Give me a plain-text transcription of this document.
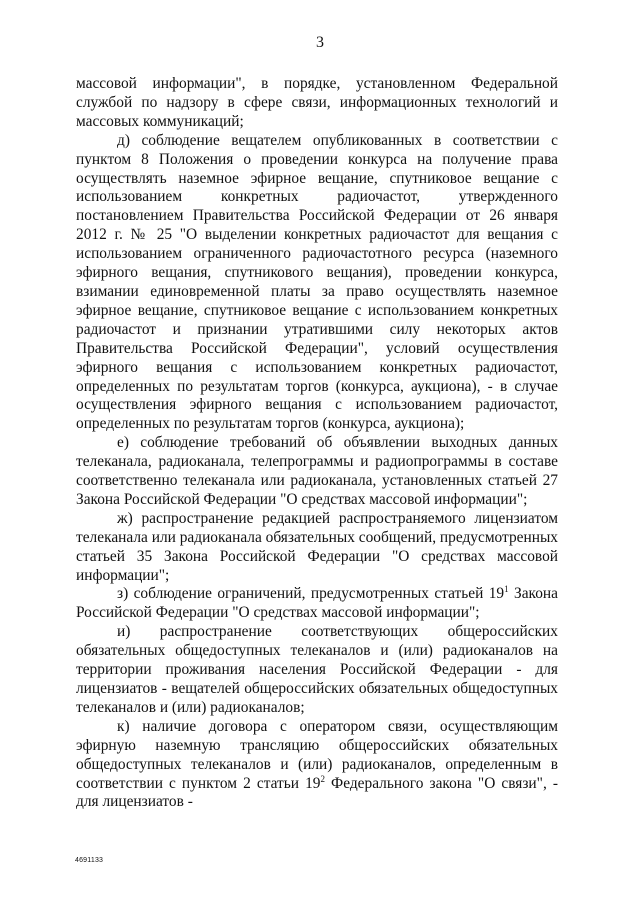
3

массовой информации", в порядке, установленном Федеральной службой по надзору в сфере связи, информационных технологий и массовых коммуникаций;

д) соблюдение вещателем опубликованных в соответствии с пунктом 8 Положения о проведении конкурса на получение права осуществлять наземное эфирное вещание, спутниковое вещание с использованием конкретных радиочастот, утвержденного постановлением Правительства Российской Федерации от 26 января 2012 г. № 25 "О выделении конкретных радиочастот для вещания с использованием ограниченного радиочастотного ресурса (наземного эфирного вещания, спутникового вещания), проведении конкурса, взимании единовременной платы за право осуществлять наземное эфирное вещание, спутниковое вещание с использованием конкретных радиочастот и признании утратившими силу некоторых актов Правительства Российской Федерации", условий осуществления эфирного вещания с использованием конкретных радиочастот, определенных по результатам торгов (конкурса, аукциона), - в случае осуществления эфирного вещания с использованием радиочастот, определенных по результатам торгов (конкурса, аукциона);

е) соблюдение требований об объявлении выходных данных телеканала, радиоканала, телепрограммы и радиопрограммы в составе соответственно телеканала или радиоканала, установленных статьей 27 Закона Российской Федерации "О средствах массовой информации";

ж) распространение редакцией распространяемого лицензиатом телеканала или радиоканала обязательных сообщений, предусмотренных статьей 35 Закона Российской Федерации "О средствах массовой информации";

з) соблюдение ограничений, предусмотренных статьей $19^1$ Закона Российской Федерации "О средствах массовой информации";

и) распространение соответствующих общероссийских обязательных общедоступных телеканалов и (или) радиоканалов на территории проживания населения Российской Федерации - для лицензиатов - вещателей общероссийских обязательных общедоступных телеканалов и (или) радиоканалов;

к) наличие договора с оператором связи, осуществляющим эфирную наземную трансляцию общероссийских обязательных общедоступных телеканалов и (или) радиоканалов, определенным в соответствии с пунктом 2 статьи $19^2$ Федерального закона "О связи", - для лицензиатов -

4691133
